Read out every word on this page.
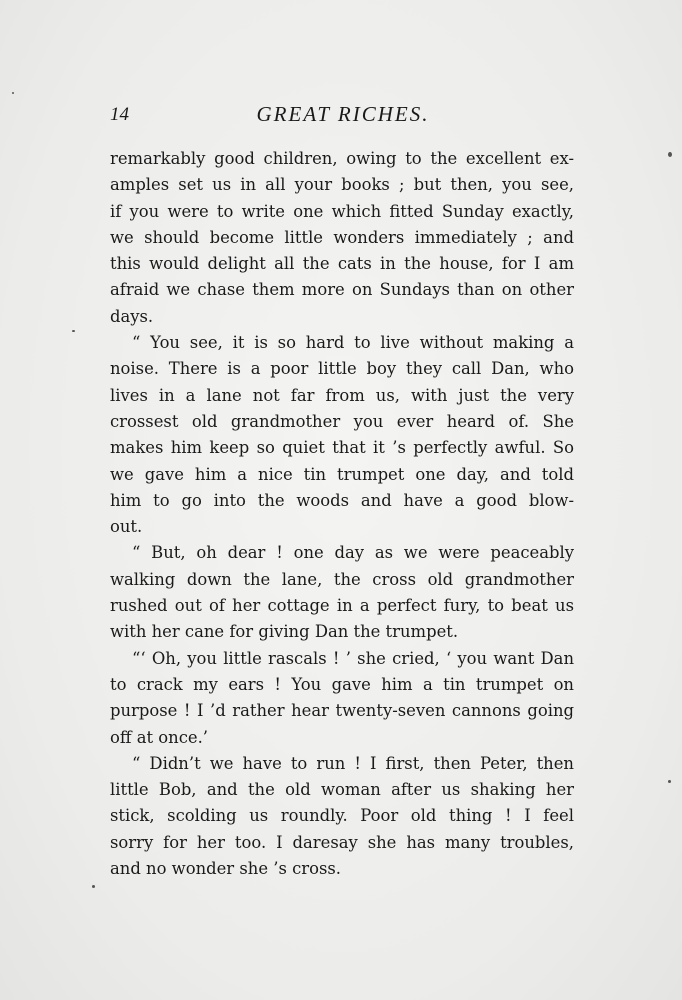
14	GREAT RICHES.
remarkably good children, owing to the excellent ex-
amples set us in all your books ; but then, you see,
if you were to write one which fitted Sunday exactly,
we should become little wonders immediately ; and
this would delight all the cats in the house, for I am
afraid we chase them more on Sundays than on other
days.
“ You see, it is so hard to live without making a
noise. There is a poor little boy they call Dan, who
lives in a lane not far from us, with just the very
crossest old grandmother you ever heard of. She
makes him keep so quiet that it ’s perfectly awful. So
we gave him a nice tin trumpet one day, and told
him to go into the woods and have a good blow-
out.
“ But, oh dear ! one day as we were peaceably
walking down the lane, the cross old grandmother
rushed out of her cottage in a perfect fury, to beat us
with her cane for giving Dan the trumpet.
“‘ Oh, you little rascals ! ’ she cried, ‘ you want Dan
to crack my ears ! You gave him a tin trumpet on
purpose ! I ’d rather hear twenty-seven cannons going
off at once.’
“ Didn’t we have to run ! I first, then Peter, then
little Bob, and the old woman after us shaking her
stick, scolding us roundly. Poor old thing ! I feel
sorry for her too. I daresay she has many troubles,
and no wonder she ’s cross.
